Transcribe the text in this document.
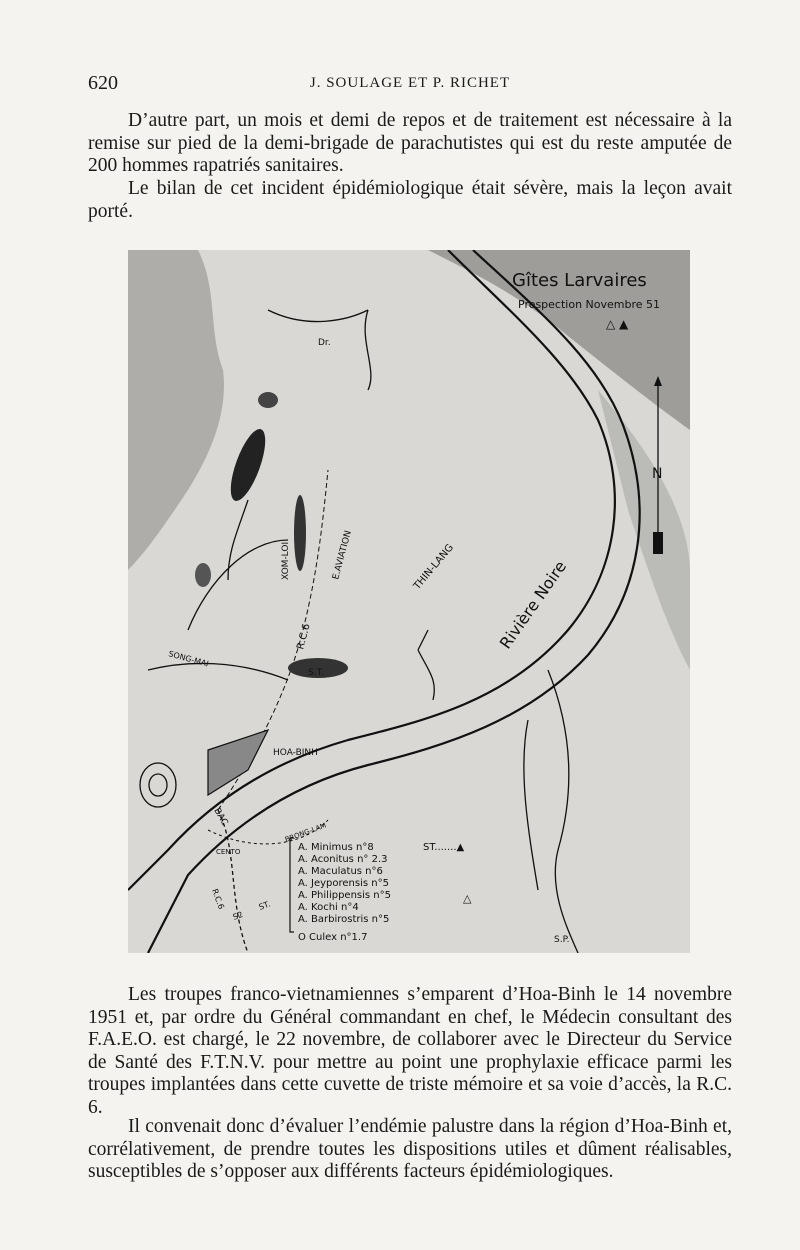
620	J. SOULAGE ET P. RICHET

D’autre part, un mois et demi de repos et de traitement est nécessaire à la remise sur pied de la demi-brigade de parachutistes qui est du reste amputée de 200 hommes rapatriés sanitaires.

Le bilan de cet incident épidémiologique était sévère, mais la leçon avait porté.

Gîtes Larvaires
Prospection Novembre 51
△ ▲
N
Rivière Noire
THIN-LANG
XOM-LOI	E.AVIATION
R.C.6
SONG-MAI
HOA-BINH
S.T.
BAC
Dr.
S.P.
CENTO
S2
ST.
R.C.6
BRONG-LAM
A. Minimus n°8	ST.......▲
A. Aconitus n° 2.3
A. Maculatus n°6
A. Jeyporensis n°5
A. Philippensis n°5	△
A. Kochi n°4
A. Barbirostris n°5
O Culex n°1.7

Les troupes franco-vietnamiennes s’emparent d’Hoa-Binh le 14 novembre 1951 et, par ordre du Général commandant en chef, le Médecin consultant des F.A.E.O. est chargé, le 22 novembre, de collaborer avec le Directeur du Service de Santé des F.T.N.V. pour mettre au point une prophylaxie efficace parmi les troupes implantées dans cette cuvette de triste mémoire et sa voie d’accès, la R.C. 6.

Il convenait donc d’évaluer l’endémie palustre dans la région d’Hoa-Binh et, corrélativement, de prendre toutes les dispositions utiles et dûment réalisables, susceptibles de s’opposer aux différents facteurs épidémiologiques.
